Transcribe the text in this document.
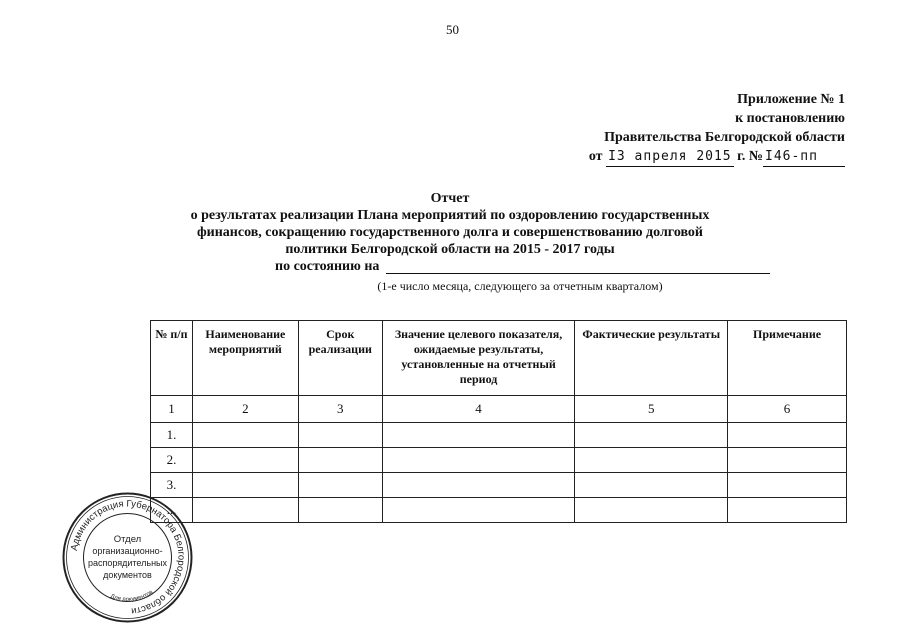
50
Приложение № 1
к постановлению
Правительства Белгородской области
от I3 апреля 2015 г. № I46-пп
Отчет
о результатах реализации Плана мероприятий по оздоровлению государственных
финансов, сокращению государственного долга и совершенствованию долговой
политики Белгородской области на 2015 - 2017 годы
по состоянию на
(1-е число месяца, следующего за отчетным кварталом)
№ п/п	Наименование мероприятий	Срок реализации	Значение целевого показателя, ожидаемые результаты, установленные на отчетный период	Фактические результаты	Примечание
1	2	3	4	5	6
1.					
2.					
3.					
...					
Администрация Губернатора Белгородской области
Для документов
Отдел
организационно-
распорядительных
документов
